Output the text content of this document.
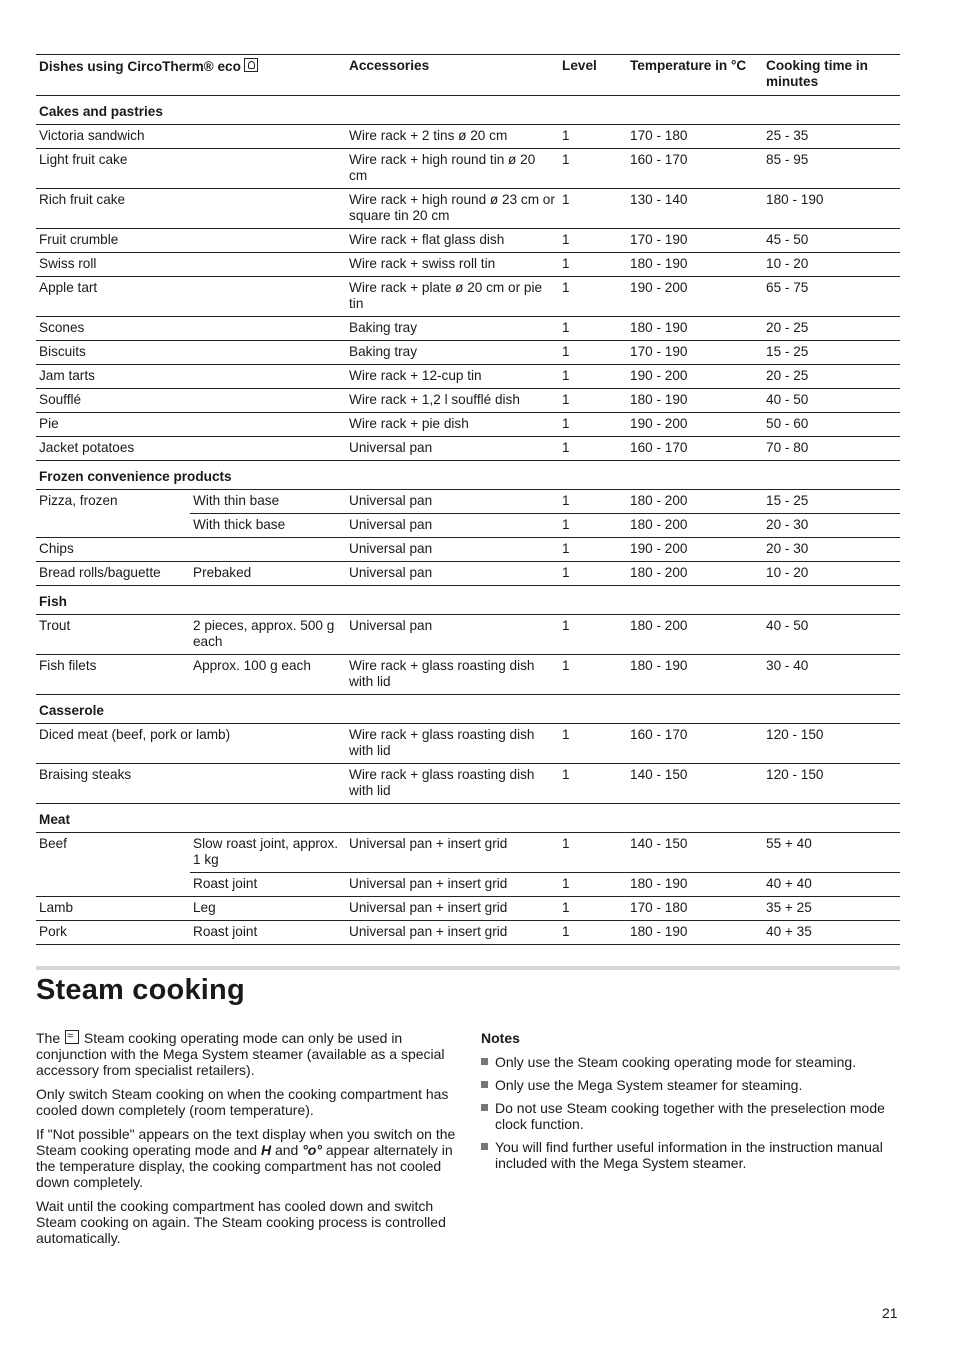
Dishes using CircoTherm® eco		Accessories	Level	Temperature in °C	Cooking time in minutes
Cakes and pastries					
Victoria sandwich		Wire rack + 2 tins ø 20 cm	1	170 - 180	25 - 35
Light fruit cake		Wire rack + high round tin ø 20 cm	1	160 - 170	85 - 95
Rich fruit cake		Wire rack + high round ø 23 cm or square tin 20 cm	1	130 - 140	180 - 190
Fruit crumble		Wire rack + flat glass dish	1	170 - 190	45 - 50
Swiss roll		Wire rack + swiss roll tin	1	180 - 190	10 - 20
Apple tart		Wire rack + plate ø 20 cm or pie tin	1	190 - 200	65 - 75
Scones		Baking tray	1	180 - 190	20 - 25
Biscuits		Baking tray	1	170 - 190	15 - 25
Jam tarts		Wire rack + 12-cup tin	1	190 - 200	20 - 25
Soufflé		Wire rack + 1,2 l soufflé dish	1	180 - 190	40 - 50
Pie		Wire rack + pie dish	1	190 - 200	50 - 60
Jacket potatoes		Universal pan	1	160 - 170	70 - 80
Frozen convenience products					
Pizza, frozen	With thin base	Universal pan	1	180 - 200	15 - 25
	With thick base	Universal pan	1	180 - 200	20 - 30
Chips		Universal pan	1	190 - 200	20 - 30
Bread rolls/baguette	Prebaked	Universal pan	1	180 - 200	10 - 20
Fish					
Trout	2 pieces, approx. 500 g each	Universal pan	1	180 - 200	40 - 50
Fish filets	Approx. 100 g each	Wire rack + glass roasting dish with lid	1	180 - 190	30 - 40
Casserole					
Diced meat (beef, pork or lamb)		Wire rack + glass roasting dish with lid	1	160 - 170	120 - 150
Braising steaks		Wire rack + glass roasting dish with lid	1	140 - 150	120 - 150
Meat					
Beef	Slow roast joint, approx. 1 kg	Universal pan + insert grid	1	140 - 150	55 + 40
	Roast joint	Universal pan + insert grid	1	180 - 190	40 + 40
Lamb	Leg	Universal pan + insert grid	1	170 - 180	35 + 25
Pork	Roast joint	Universal pan + insert grid	1	180 - 190	40 + 35
Steam cooking

The ≈ Steam cooking operating mode can only be used in conjunction with the Mega System steamer (available as a special accessory from specialist retailers).

Only switch Steam cooking on when the cooking compartment has cooled down completely (room temperature).

If "Not possible" appears on the text display when you switch on the Steam cooking operating mode and H and °o° appear alternately in the temperature display, the cooking compartment has not cooled down completely.

Wait until the cooking compartment has cooled down and switch Steam cooking on again. The Steam cooking process is controlled automatically.

Notes

Only use the Steam cooking operating mode for steaming.
Only use the Mega System steamer for steaming.
Do not use Steam cooking together with the preselection mode clock function.
You will find further useful information in the instruction manual included with the Mega System steamer.
21
